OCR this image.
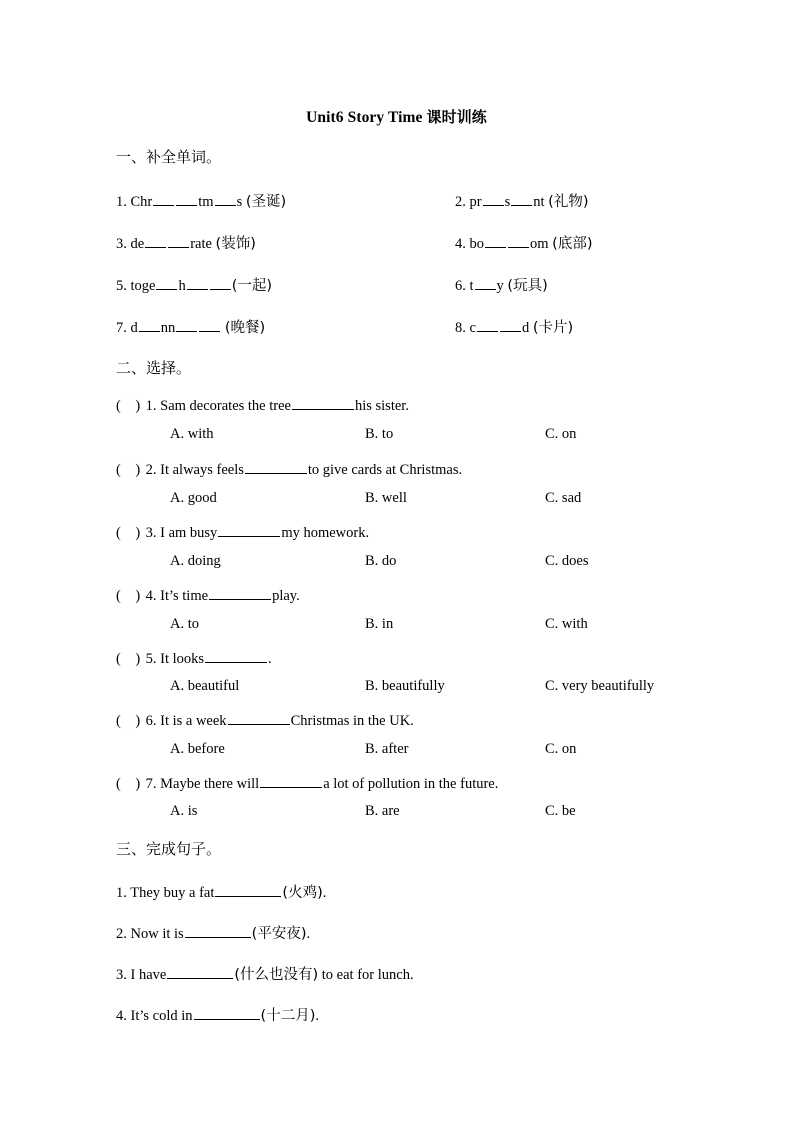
Unit6 Story Time 课时训练
一、补全单词。
1. Chr	tm s (圣诞)	2. pr s nt (礼物)
3. de	rate (装饰)	4. bo	om (底部)
5. toge h	(一起)	6. t y (玩具)
7. d nn	(晚餐)	8. c	d (卡片)
二、选择。
(　) 1. Sam decorates the tree	his sister.
A. with	B. to	C. on
(　) 2. It always feels	to give cards at Christmas.
A. good	B. well	C. sad
(　) 3. I am busy	my homework.
A. doing	B. do	C. does
(　) 4. It’s time	play.
A. to	B. in	C. with
(　) 5. It looks	.
A. beautiful	B. beautifully	C. very beautifully
(　) 6. It is a week	Christmas in the UK.
A. before	B. after	C. on
(　) 7. Maybe there will	a lot of pollution in the future.
A. is	B. are	C. be
三、完成句子。
1. They buy a fat	(火鸡).
2. Now it is	(平安夜).
3. I have	(什么也没有) to eat for lunch.
4. It’s cold in	(十二月).
